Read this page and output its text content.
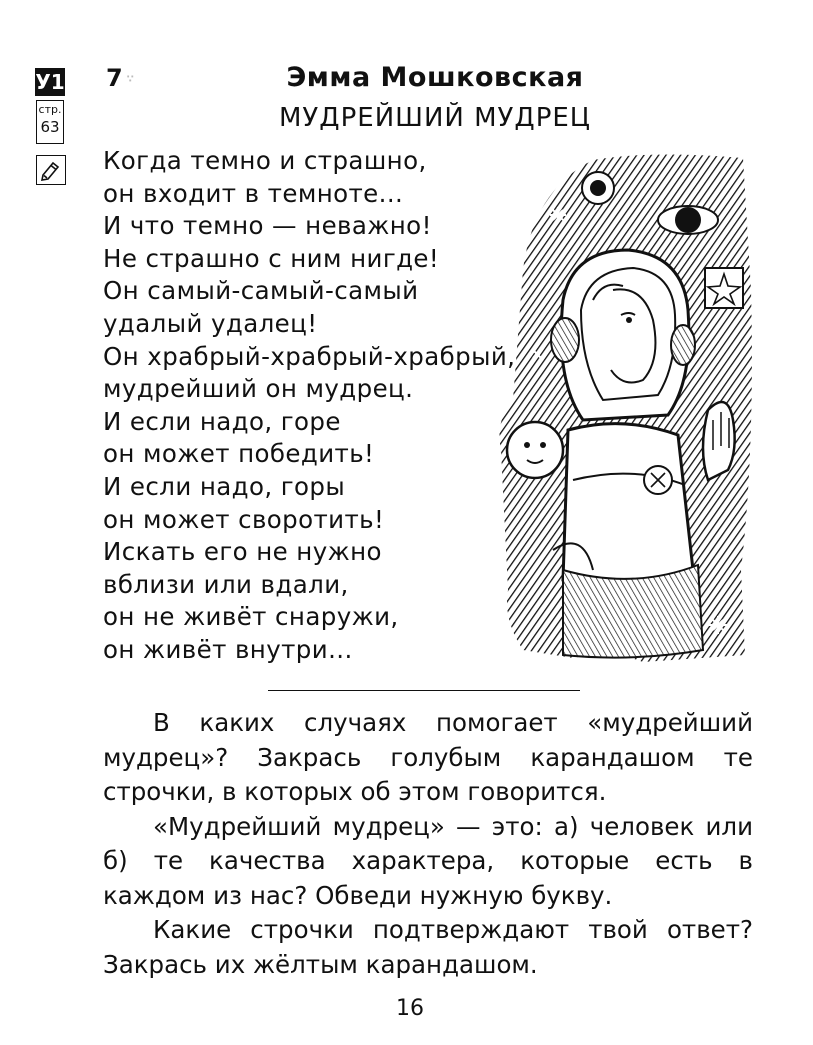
У1
стр.
63
7 ∵	Эмма Мошковская
МУДРЕЙШИЙ МУДРЕЦ
Когда темно и страшно,
он входит в темноте...
И что темно — неважно!
Не страшно с ним нигде!
Он самый-самый-самый
удалый удалец!
Он храбрый-храбрый-храбрый,
мудрейший он мудрец.
И если надо, горе
он может победить!
И если надо, горы
он может своротить!
Искать его не нужно
вблизи или вдали,
он не живёт снаружи,
он живёт внутри...

В каких случаях помогает «мудрейший мудрец»? Закрась голубым карандашом те строчки, в которых об этом говорится.

«Мудрейший мудрец» — это: а) человек или б) те качества характера, которые есть в каждом из нас? Обведи нужную букву.

Какие строчки подтверждают твой ответ? Закрась их жёлтым карандашом.

16
